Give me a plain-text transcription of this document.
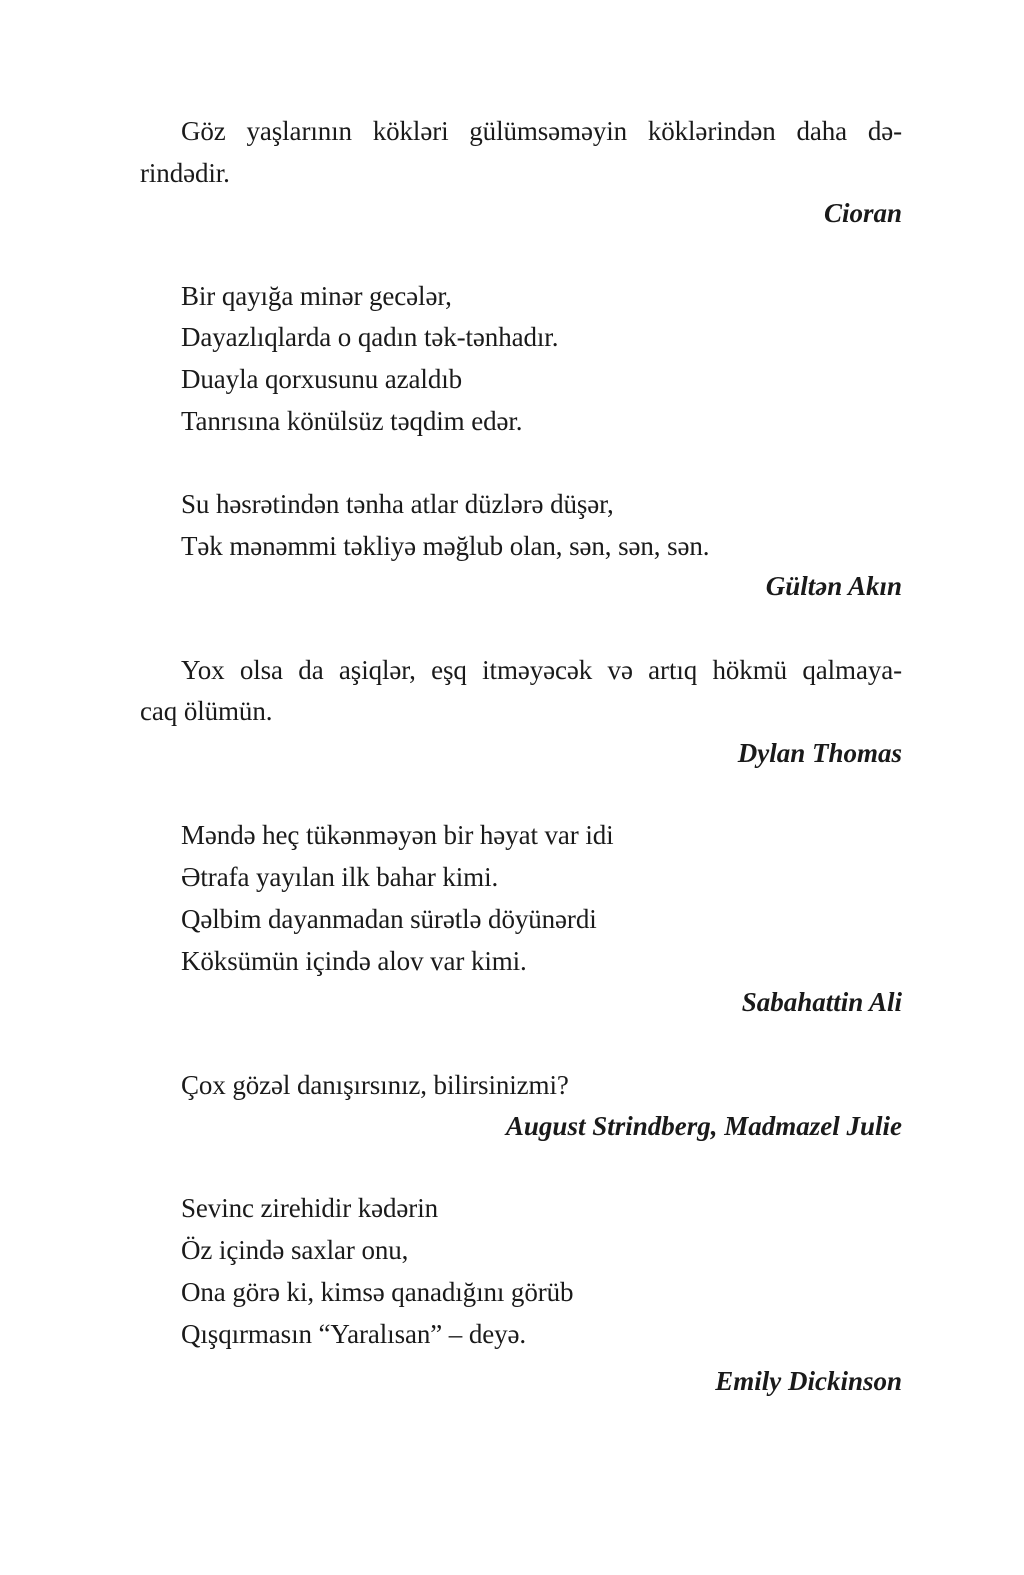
Göz yaşlarının kökləri gülümsəməyin köklərindən daha də-
rindədir.
Cioran
Bir qayığa minər gecələr,
Dayazlıqlarda o qadın tək-tənhadır.
Duayla qorxusunu azaldıb
Tanrısına könülsüz təqdim edər.
Su həsrətindən tənha atlar düzlərə düşər,
Tək mənəmmi təkliyə məğlub olan, sən, sən, sən.
Gültən Akın
Yox olsa da aşiqlər, eşq itməyəcək və artıq hökmü qalmaya-
caq ölümün.
Dylan Thomas
Məndə heç tükənməyən bir həyat var idi
Ətrafa yayılan ilk bahar kimi.
Qəlbim dayanmadan sürətlə döyünərdi
Köksümün içində alov var kimi.
Sabahattin Ali
Çox gözəl danışırsınız, bilirsinizmi?
August Strindberg, Madmazel Julie
Sevinc zirehidir kədərin
Öz içində saxlar onu,
Ona görə ki, kimsə qanadığını görüb
Qışqırmasın “Yaralısan” – deyə.
Emily Dickinson
